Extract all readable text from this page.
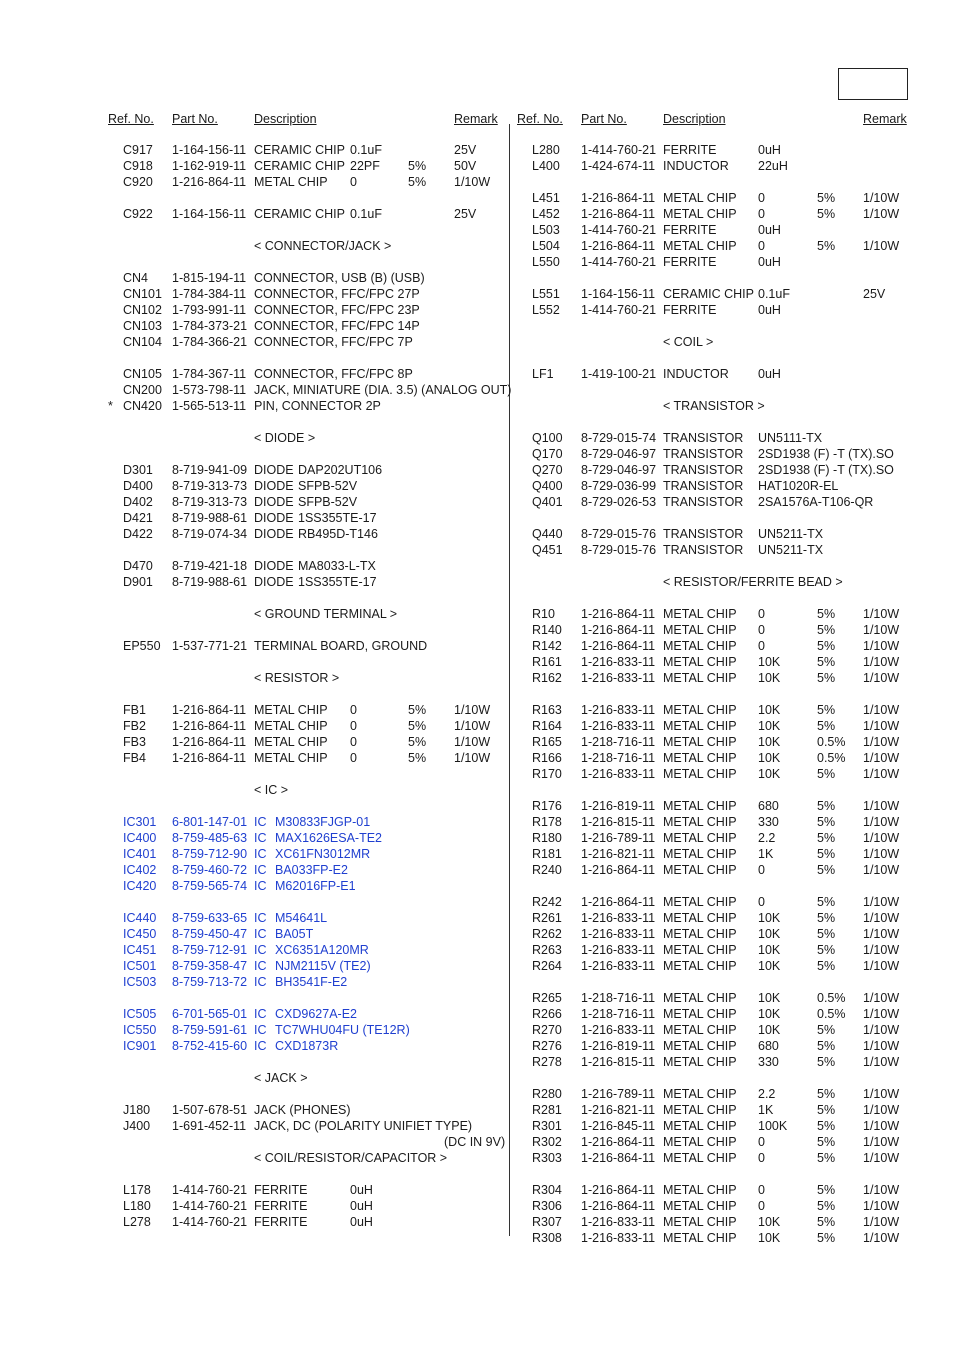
Ref. No. Part No.	Description	Remark
C917 1-164-156-11 CERAMIC CHIP 0.1uF	25V
C918 1-162-919-11 CERAMIC CHIP 22PF 5% 50V
C920 1-216-864-11 METAL CHIP 0	5% 1/10W
C922 1-164-156-11 CERAMIC CHIP 0.1uF	25V
< CONNECTOR/JACK >
CN4 1-815-194-11 CONNECTOR, USB (B) (USB)
CN101 1-784-384-11 CONNECTOR, FFC/FPC 27P
CN102 1-793-991-11 CONNECTOR, FFC/FPC 23P
CN103 1-784-373-21 CONNECTOR, FFC/FPC 14P
CN104 1-784-366-21 CONNECTOR, FFC/FPC 7P
CN105 1-784-367-11 CONNECTOR, FFC/FPC 8P
CN200 1-573-798-11 JACK, MINIATURE (DIA. 3.5) (ANALOG OUT)
* CN420 1-565-513-11 PIN, CONNECTOR 2P
< DIODE >
D301 8-719-941-09 DIODE DAP202UT106
D400 8-719-313-73 DIODE SFPB-52V
D402 8-719-313-73 DIODE SFPB-52V
D421 8-719-988-61 DIODE 1SS355TE-17
D422 8-719-074-34 DIODE RB495D-T146
D470 8-719-421-18 DIODE MA8033-L-TX
D901 8-719-988-61 DIODE 1SS355TE-17
< GROUND TERMINAL >
EP550 1-537-771-21 TERMINAL BOARD, GROUND
< RESISTOR >
FB1 1-216-864-11 METAL CHIP 0	5% 1/10W
FB2 1-216-864-11 METAL CHIP 0	5% 1/10W
FB3 1-216-864-11 METAL CHIP 0	5% 1/10W
FB4 1-216-864-11 METAL CHIP 0	5% 1/10W
< IC >
IC301 6-801-147-01 IC M30833FJGP-01
IC400 8-759-485-63 IC MAX1626ESA-TE2
IC401 8-759-712-90 IC XC61FN3012MR
IC402 8-759-460-72 IC BA033FP-E2
IC420 8-759-565-74 IC M62016FP-E1
IC440 8-759-633-65 IC M54641L
IC450 8-759-450-47 IC BA05T
IC451 8-759-712-91 IC XC6351A120MR
IC501 8-759-358-47 IC NJM2115V (TE2)
IC503 8-759-713-72 IC BH3541F-E2
IC505 6-701-565-01 IC CXD9627A-E2
IC550 8-759-591-61 IC TC7WHU04FU (TE12R)
IC901 8-752-415-60 IC CXD1873R
< JACK >
J180 1-507-678-51 JACK (PHONES)
J400 1-691-452-11 JACK, DC (POLARITY UNIFIET TYPE)
(DC IN 9V)
< COIL/RESISTOR/CAPACITOR >
L178 1-414-760-21 FERRITE	0uH
L180 1-414-760-21 FERRITE	0uH
L278 1-414-760-21 FERRITE	0uH
Ref. No. Part No.	Description	Remark
L280 1-414-760-21 FERRITE	0uH
L400 1-424-674-11 INDUCTOR 22uH
L451 1-216-864-11 METAL CHIP 0	5% 1/10W
L452 1-216-864-11 METAL CHIP 0	5% 1/10W
L503 1-414-760-21 FERRITE	0uH
L504 1-216-864-11 METAL CHIP 0	5% 1/10W
L550 1-414-760-21 FERRITE	0uH
L551 1-164-156-11 CERAMIC CHIP 0.1uF	25V
L552 1-414-760-21 FERRITE	0uH
< COIL >
LF1 1-419-100-21 INDUCTOR 0uH
< TRANSISTOR >
Q100 8-729-015-74 TRANSISTOR UN5111-TX
Q170 8-729-046-97 TRANSISTOR 2SD1938 (F) -T (TX).SO
Q270 8-729-046-97 TRANSISTOR 2SD1938 (F) -T (TX).SO
Q400 8-729-036-99 TRANSISTOR HAT1020R-EL
Q401 8-729-026-53 TRANSISTOR 2SA1576A-T106-QR
Q440 8-729-015-76 TRANSISTOR UN5211-TX
Q451 8-729-015-76 TRANSISTOR UN5211-TX
< RESISTOR/FERRITE BEAD >
R10 1-216-864-11 METAL CHIP 0	5% 1/10W
R140 1-216-864-11 METAL CHIP 0	5% 1/10W
R142 1-216-864-11 METAL CHIP 0	5% 1/10W
R161 1-216-833-11 METAL CHIP 10K	5% 1/10W
R162 1-216-833-11 METAL CHIP 10K	5% 1/10W
R163 1-216-833-11 METAL CHIP 10K	5% 1/10W
R164 1-216-833-11 METAL CHIP 10K	5% 1/10W
R165 1-218-716-11 METAL CHIP 10K	0.5% 1/10W
R166 1-218-716-11 METAL CHIP 10K	0.5% 1/10W
R170 1-216-833-11 METAL CHIP 10K	5% 1/10W
R176 1-216-819-11 METAL CHIP 680	5% 1/10W
R178 1-216-815-11 METAL CHIP 330	5% 1/10W
R180 1-216-789-11 METAL CHIP 2.2	5% 1/10W
R181 1-216-821-11 METAL CHIP 1K	5% 1/10W
R240 1-216-864-11 METAL CHIP 0	5% 1/10W
R242 1-216-864-11 METAL CHIP 0	5% 1/10W
R261 1-216-833-11 METAL CHIP 10K	5% 1/10W
R262 1-216-833-11 METAL CHIP 10K	5% 1/10W
R263 1-216-833-11 METAL CHIP 10K	5% 1/10W
R264 1-216-833-11 METAL CHIP 10K	5% 1/10W
R265 1-218-716-11 METAL CHIP 10K	0.5% 1/10W
R266 1-218-716-11 METAL CHIP 10K	0.5% 1/10W
R270 1-216-833-11 METAL CHIP 10K	5% 1/10W
R276 1-216-819-11 METAL CHIP 680	5% 1/10W
R278 1-216-815-11 METAL CHIP 330	5% 1/10W
R280 1-216-789-11 METAL CHIP 2.2	5% 1/10W
R281 1-216-821-11 METAL CHIP 1K	5% 1/10W
R301 1-216-845-11 METAL CHIP 100K 5% 1/10W
R302 1-216-864-11 METAL CHIP 0	5% 1/10W
R303 1-216-864-11 METAL CHIP 0	5% 1/10W
R304 1-216-864-11 METAL CHIP 0	5% 1/10W
R306 1-216-864-11 METAL CHIP 0	5% 1/10W
R307 1-216-833-11 METAL CHIP 10K	5% 1/10W
R308 1-216-833-11 METAL CHIP 10K	5% 1/10W
